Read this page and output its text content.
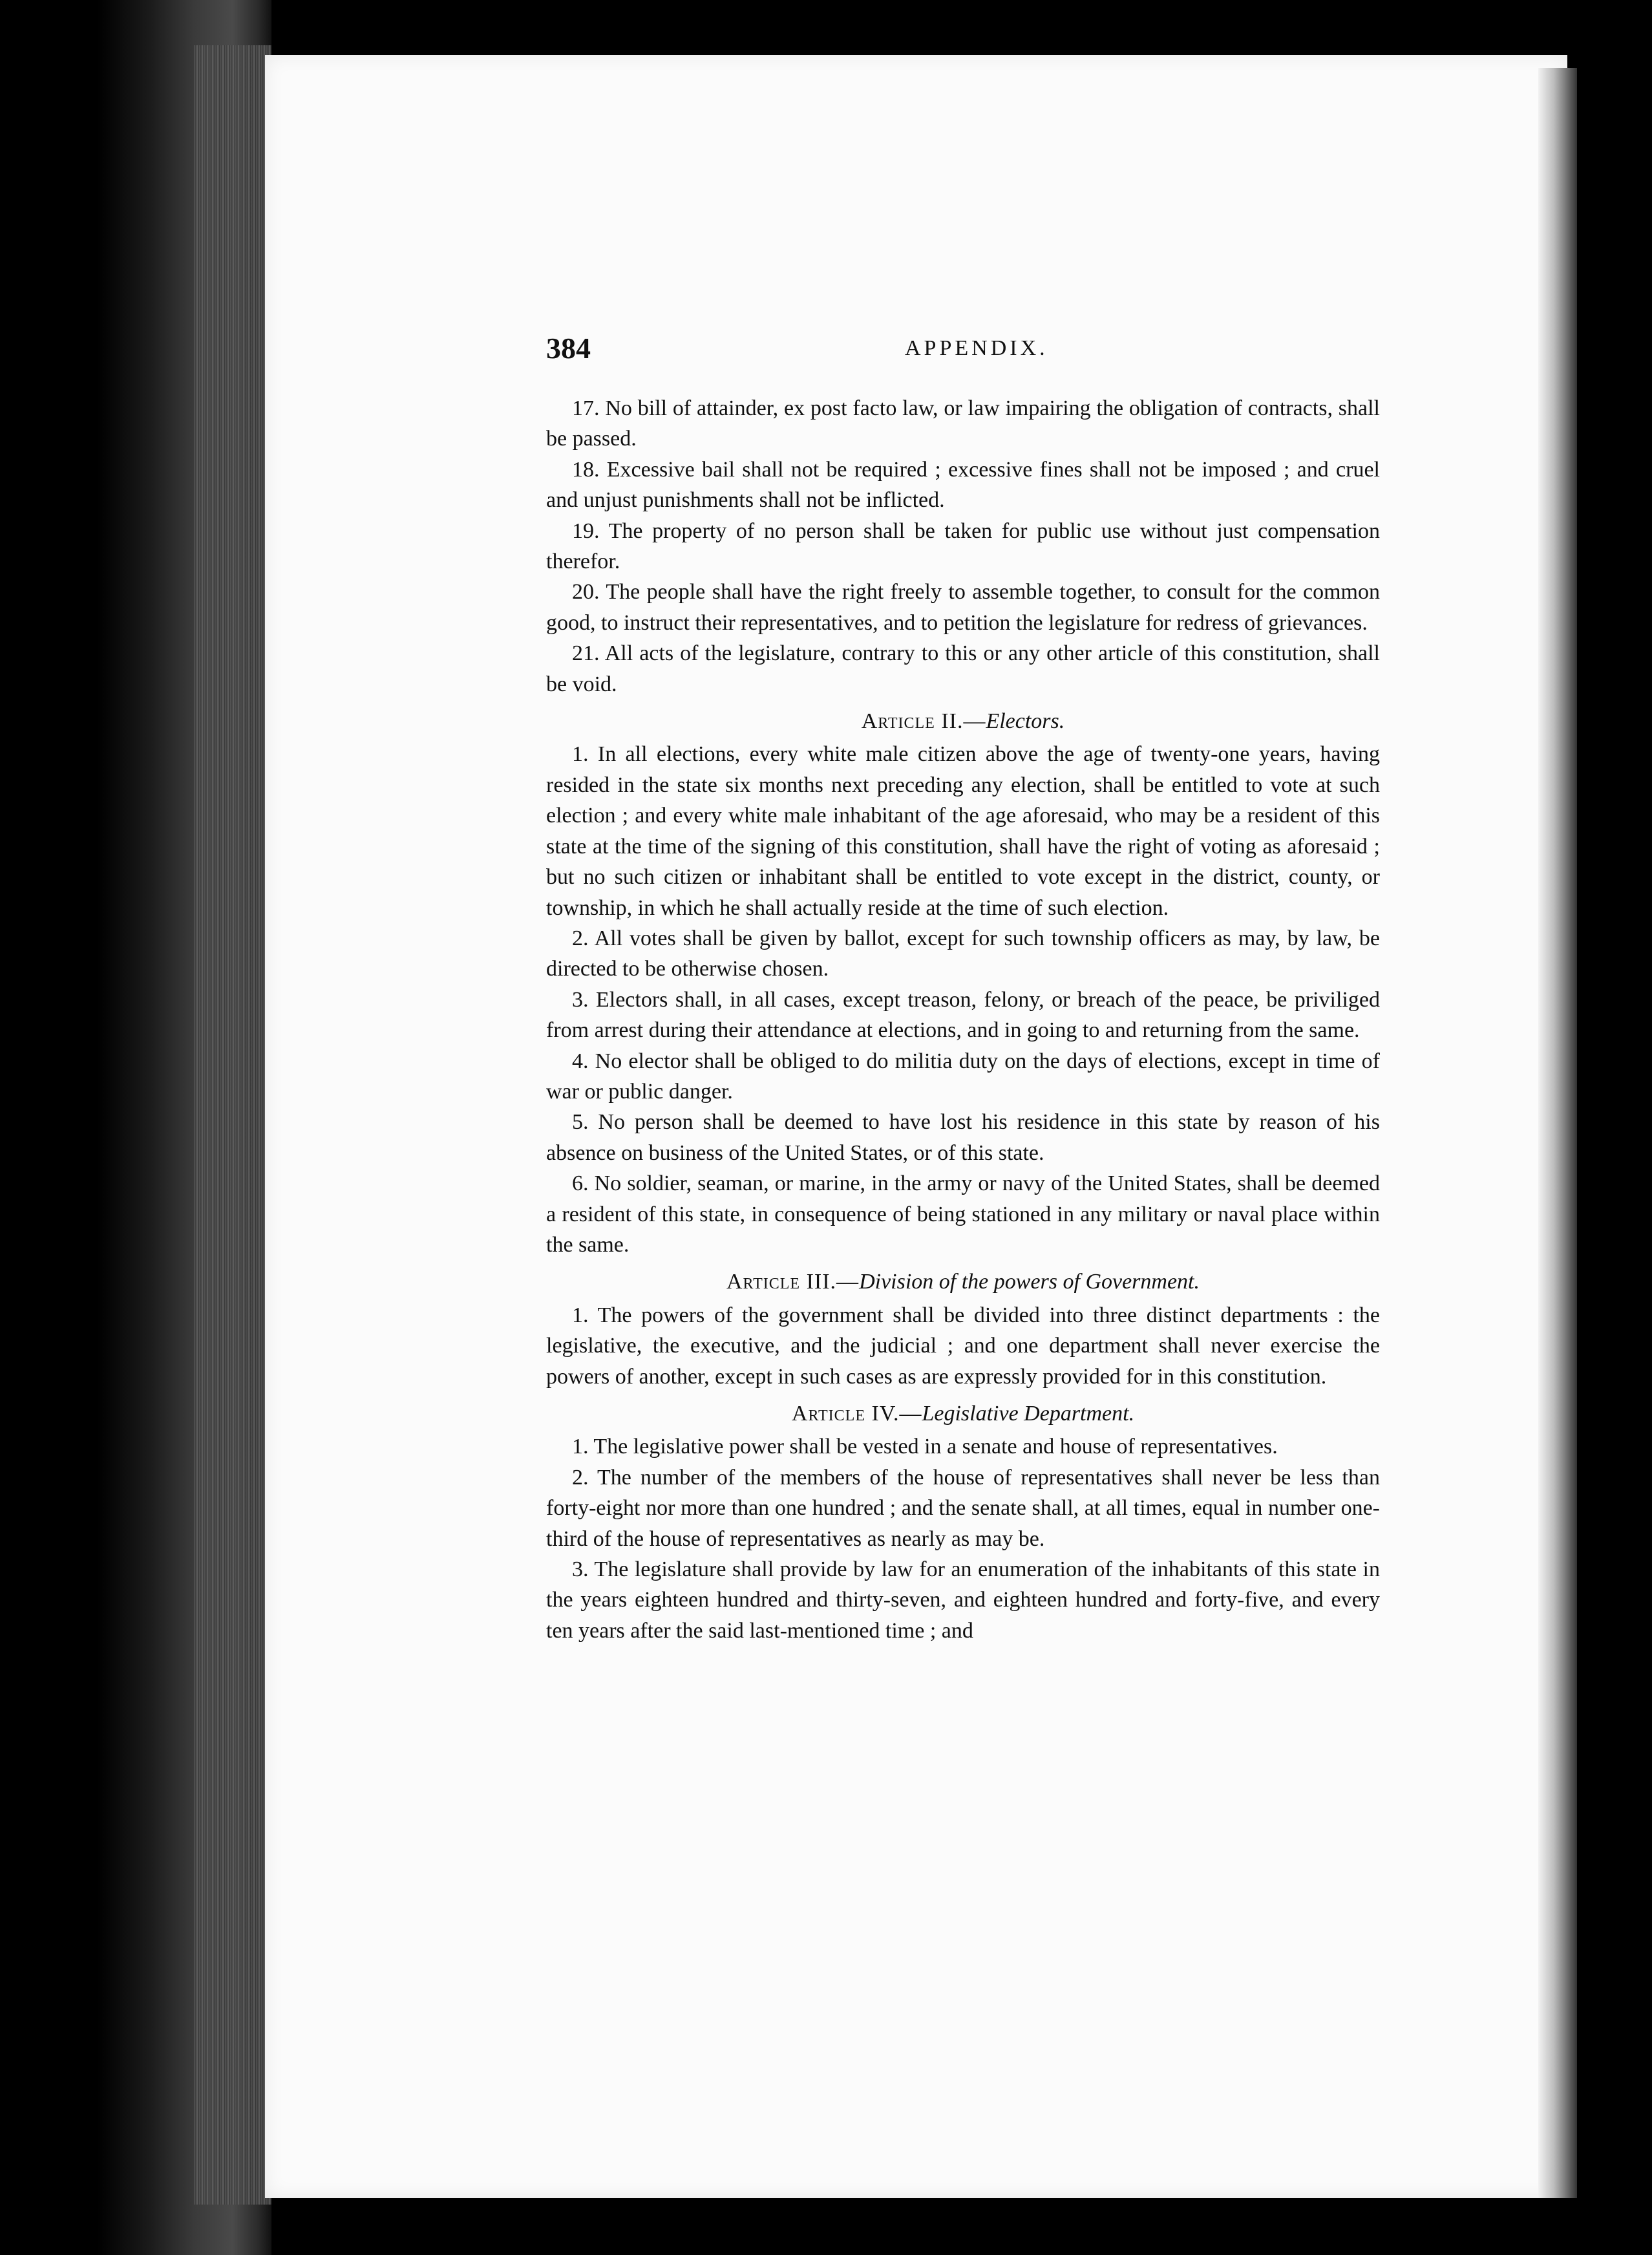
384	APPENDIX.

17. No bill of attainder, ex post facto law, or law impairing the obligation of contracts, shall be passed.

18. Excessive bail shall not be required ; excessive fines shall not be imposed ; and cruel and unjust punishments shall not be inflicted.

19. The property of no person shall be taken for public use without just compensation therefor.

20. The people shall have the right freely to assemble together, to consult for the common good, to instruct their representatives, and to petition the legislature for redress of grievances.

21. All acts of the legislature, contrary to this or any other article of this constitution, shall be void.

Article II.—Electors.

1. In all elections, every white male citizen above the age of twenty-one years, having resided in the state six months next preceding any election, shall be entitled to vote at such election ; and every white male inhabitant of the age aforesaid, who may be a resident of this state at the time of the signing of this constitution, shall have the right of voting as aforesaid ; but no such citizen or inhabitant shall be entitled to vote except in the district, county, or township, in which he shall actually reside at the time of such election.

2. All votes shall be given by ballot, except for such township officers as may, by law, be directed to be otherwise chosen.

3. Electors shall, in all cases, except treason, felony, or breach of the peace, be priviliged from arrest during their attendance at elections, and in going to and returning from the same.

4. No elector shall be obliged to do militia duty on the days of elections, except in time of war or public danger.

5. No person shall be deemed to have lost his residence in this state by reason of his absence on business of the United States, or of this state.

6. No soldier, seaman, or marine, in the army or navy of the United States, shall be deemed a resident of this state, in consequence of being stationed in any military or naval place within the same.

Article III.—Division of the powers of Government.

1. The powers of the government shall be divided into three distinct departments : the legislative, the executive, and the judicial ; and one department shall never exercise the powers of another, except in such cases as are expressly provided for in this constitution.

Article IV.—Legislative Department.

1. The legislative power shall be vested in a senate and house of representatives.

2. The number of the members of the house of representatives shall never be less than forty-eight nor more than one hundred ; and the senate shall, at all times, equal in number one-third of the house of representatives as nearly as may be.

3. The legislature shall provide by law for an enumeration of the inhabitants of this state in the years eighteen hundred and thirty-seven, and eighteen hundred and forty-five, and every ten years after the said last-mentioned time ; and
